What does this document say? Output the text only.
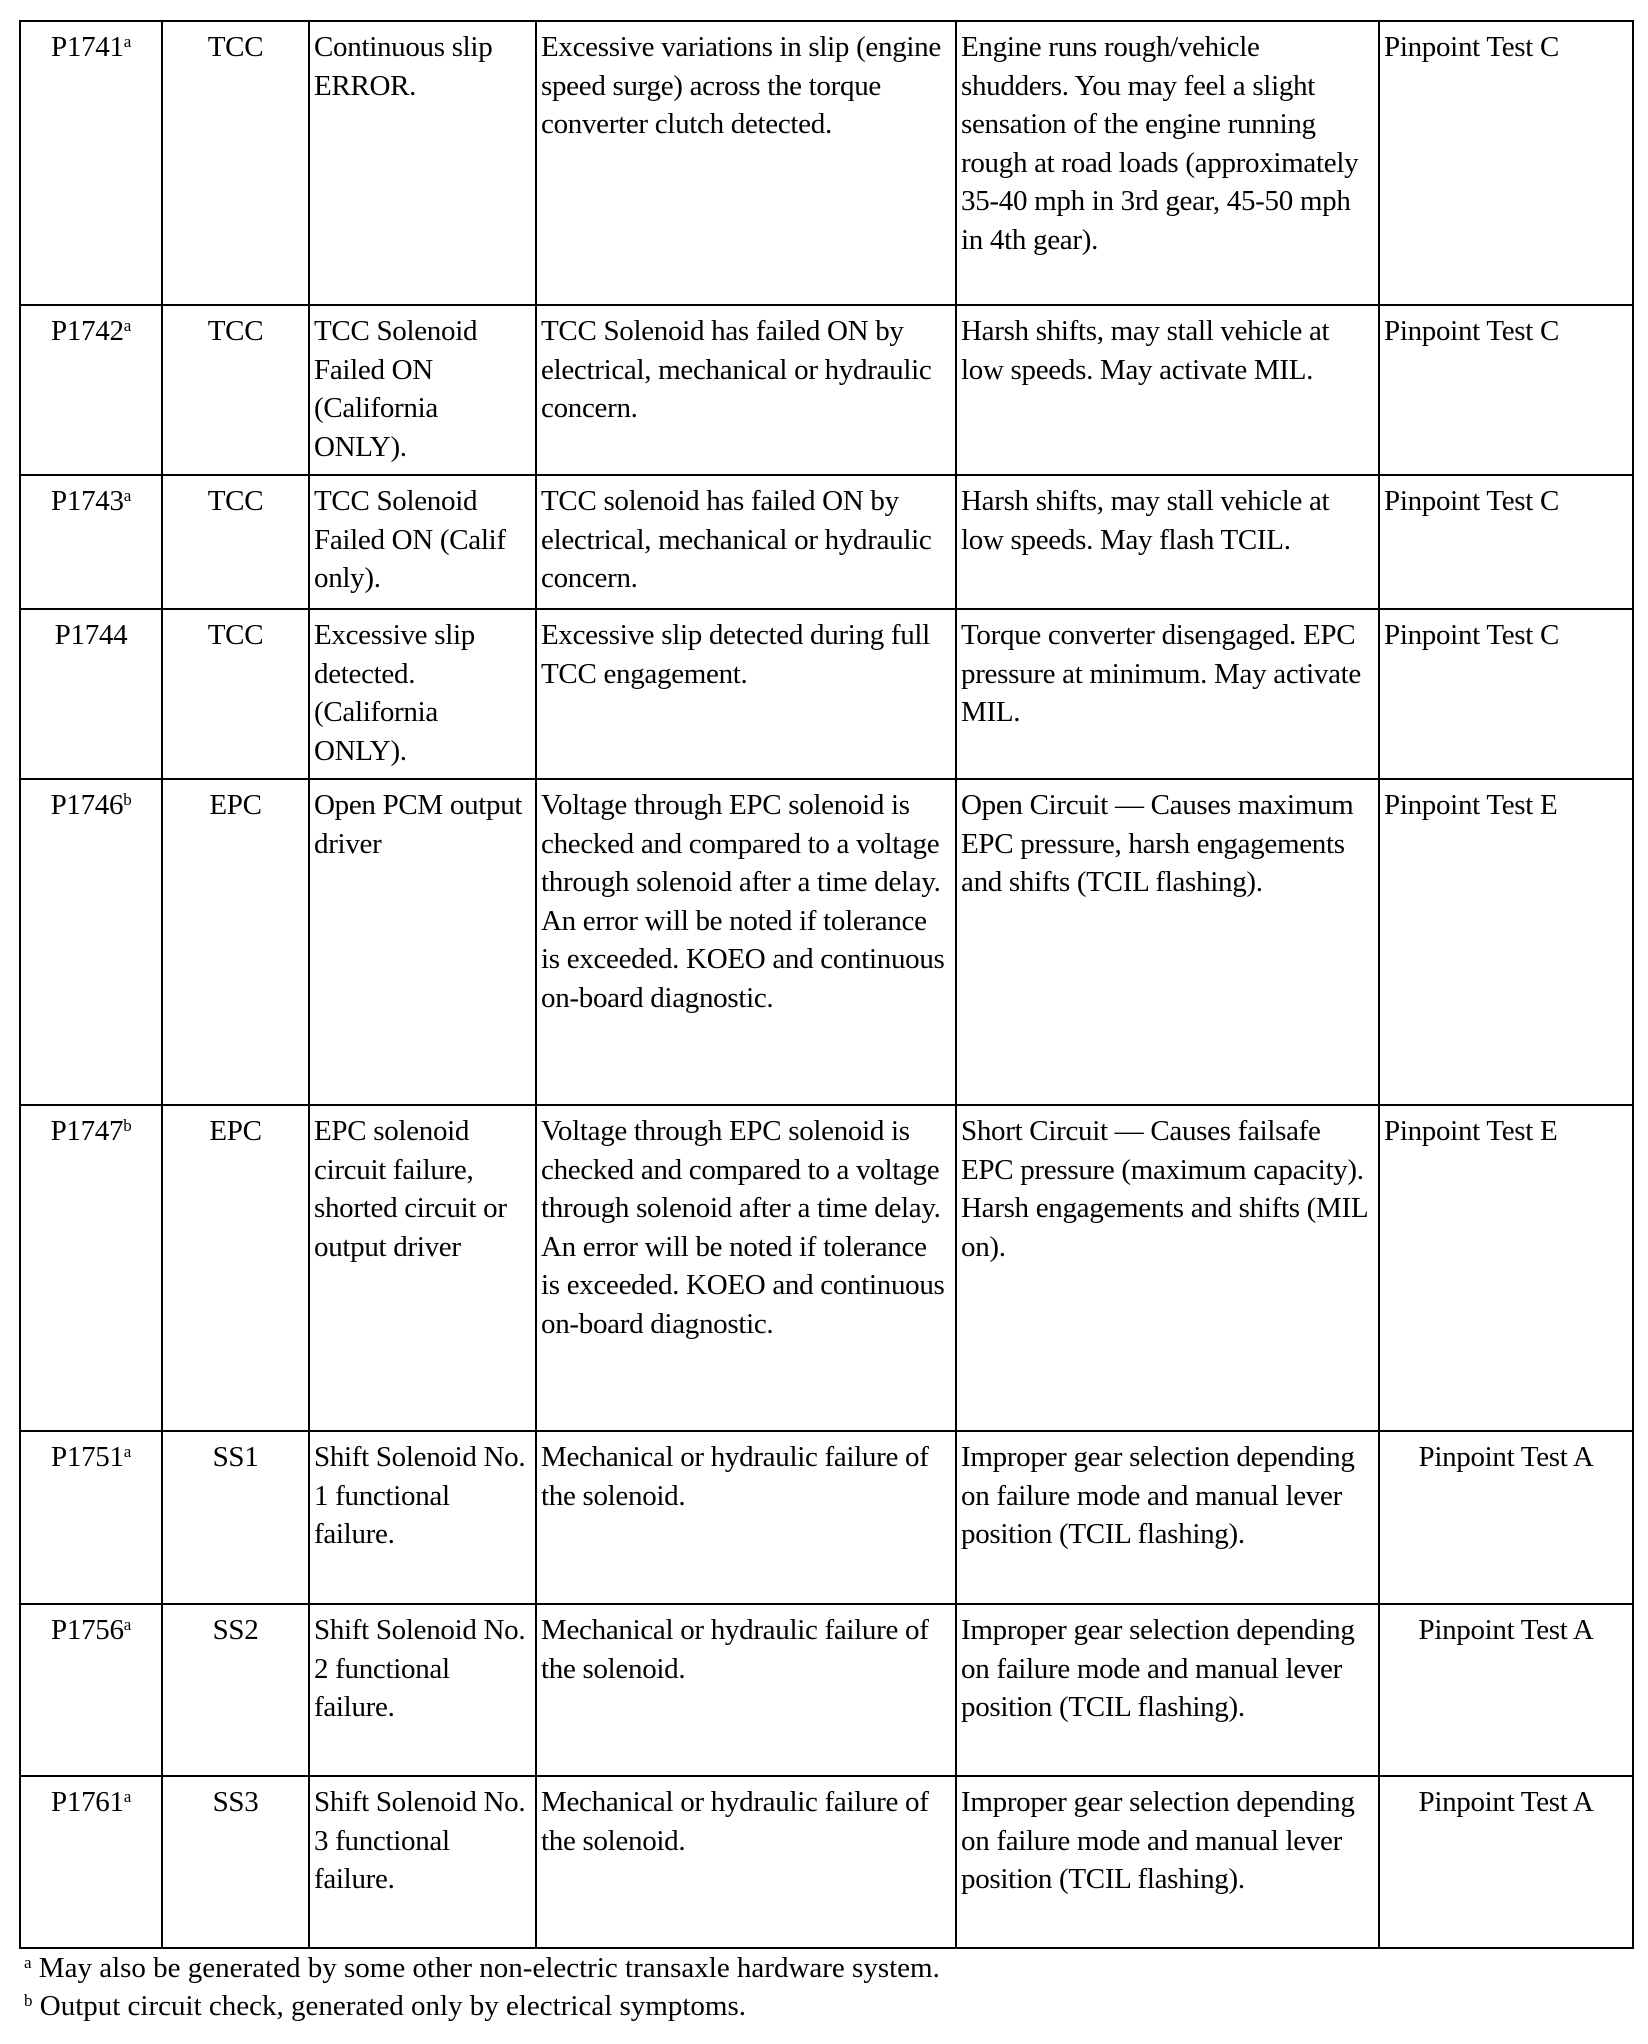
P1741$^a$	TCC	Continuous slip ERROR.	Excessive variations in slip (engine speed surge) across the torque converter clutch detected.	Engine runs rough/vehicle shudders. You may feel a slight sensation of the engine running rough at road loads (approximately 35-40 mph in 3rd gear, 45-50 mph in 4th gear).	Pinpoint Test C
P1742$^a$	TCC	TCC Solenoid Failed ON (California ONLY).	TCC Solenoid has failed ON by electrical, mechanical or hydraulic concern.	Harsh shifts, may stall vehicle at low speeds. May activate MIL.	Pinpoint Test C
P1743$^a$	TCC	TCC Solenoid Failed ON (Calif only).	TCC solenoid has failed ON by electrical, mechanical or hydraulic concern.	Harsh shifts, may stall vehicle at low speeds. May flash TCIL.	Pinpoint Test C
P1744	TCC	Excessive slip detected. (California ONLY).	Excessive slip detected during full TCC engagement.	Torque converter disengaged. EPC pressure at minimum. May activate MIL.	Pinpoint Test C
P1746$^b$	EPC	Open PCM output driver	Voltage through EPC solenoid is checked and compared to a voltage through solenoid after a time delay. An error will be noted if tolerance is exceeded. KOEO and continuous on-board diagnostic.	Open Circuit — Causes maximum EPC pressure, harsh engagements and shifts (TCIL flashing).	Pinpoint Test E
P1747$^b$	EPC	EPC solenoid circuit failure, shorted circuit or output driver	Voltage through EPC solenoid is checked and compared to a voltage through solenoid after a time delay. An error will be noted if tolerance is exceeded. KOEO and continuous on-board diagnostic.	Short Circuit — Causes failsafe EPC pressure (maximum capacity). Harsh engagements and shifts (MIL on).	Pinpoint Test E
P1751$^a$	SS1	Shift Solenoid No. 1 functional failure.	Mechanical or hydraulic failure of the solenoid.	Improper gear selection depending on failure mode and manual lever position (TCIL flashing).	Pinpoint Test A
P1756$^a$	SS2	Shift Solenoid No. 2 functional failure.	Mechanical or hydraulic failure of the solenoid.	Improper gear selection depending on failure mode and manual lever position (TCIL flashing).	Pinpoint Test A
P1761$^a$	SS3	Shift Solenoid No. 3 functional failure.	Mechanical or hydraulic failure of the solenoid.	Improper gear selection depending on failure mode and manual lever position (TCIL flashing).	Pinpoint Test A
$^a$ May also be generated by some other non-electric transaxle hardware system.
$^b$ Output circuit check, generated only by electrical symptoms.
